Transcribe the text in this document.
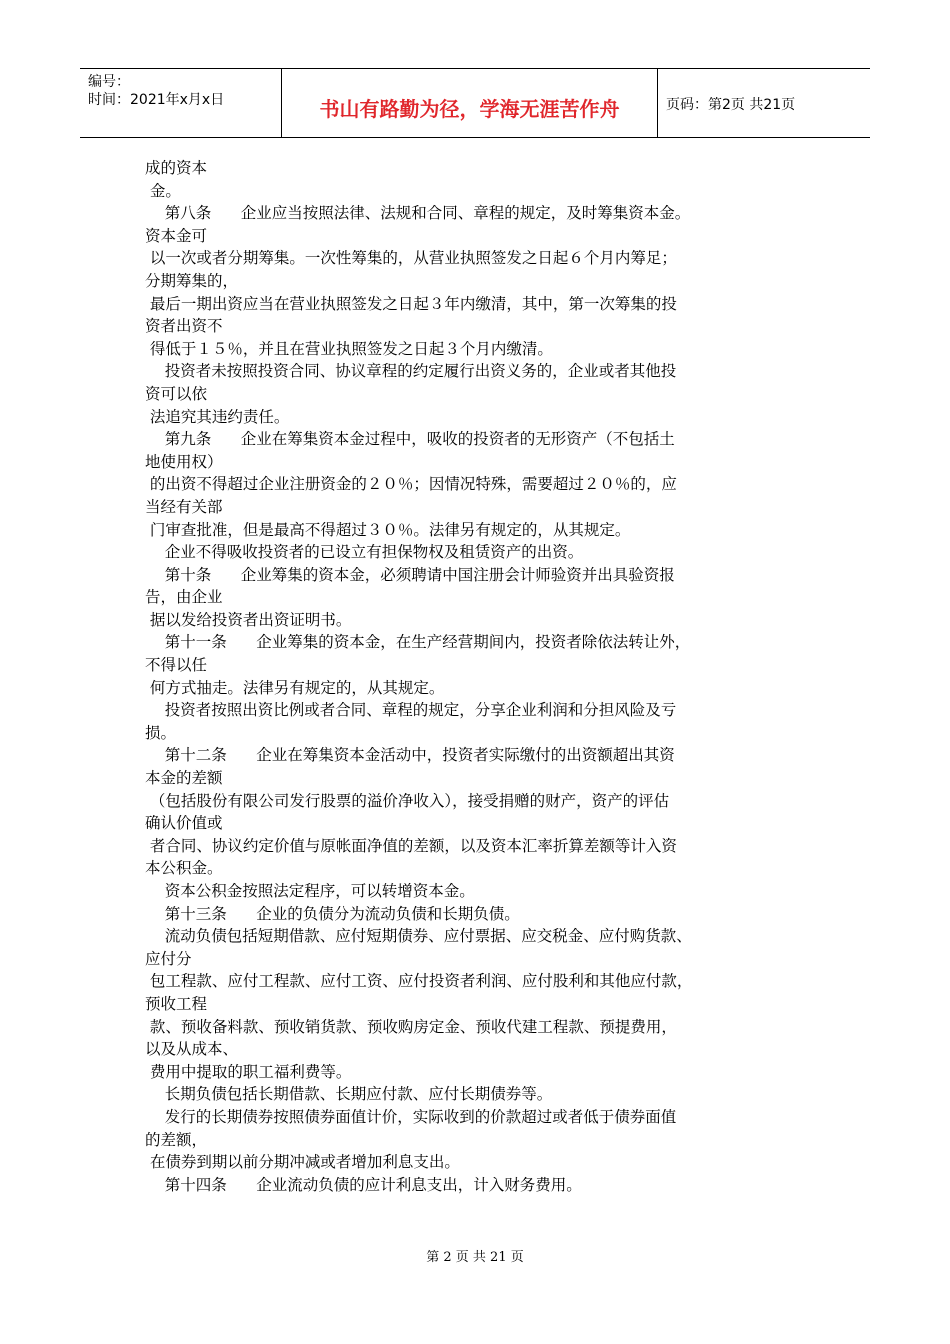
编号：
时间：2021年x月x日	书山有路勤为径，学海无涯苦作舟	页码：第2页 共21页
成的资本
金。
第八条      企业应当按照法律、法规和合同、章程的规定，及时筹集资本金。
资本金可
以一次或者分期筹集。一次性筹集的，从营业执照签发之日起６个月内筹足；
分期筹集的，
最后一期出资应当在营业执照签发之日起３年内缴清，其中，第一次筹集的投
资者出资不
得低于１５％，并且在营业执照签发之日起３个月内缴清。
投资者未按照投资合同、协议章程的约定履行出资义务的，企业或者其他投
资可以依
法追究其违约责任。
第九条      企业在筹集资本金过程中，吸收的投资者的无形资产（不包括土
地使用权）
的出资不得超过企业注册资金的２０％；因情况特殊，需要超过２０％的，应
当经有关部
门审查批准，但是最高不得超过３０％。法律另有规定的，从其规定。
企业不得吸收投资者的已设立有担保物权及租赁资产的出资。
第十条      企业筹集的资本金，必须聘请中国注册会计师验资并出具验资报
告，由企业
据以发给投资者出资证明书。
第十一条      企业筹集的资本金，在生产经营期间内，投资者除依法转让外，
不得以任
何方式抽走。法律另有规定的，从其规定。
投资者按照出资比例或者合同、章程的规定，分享企业利润和分担风险及亏
损。
第十二条      企业在筹集资本金活动中，投资者实际缴付的出资额超出其资
本金的差额
（包括股份有限公司发行股票的溢价净收入），接受捐赠的财产，资产的评估
确认价值或
者合同、协议约定价值与原帐面净值的差额，以及资本汇率折算差额等计入资
本公积金。
资本公积金按照法定程序，可以转增资本金。
第十三条      企业的负债分为流动负债和长期负债。
流动负债包括短期借款、应付短期债券、应付票据、应交税金、应付购货款、
应付分
包工程款、应付工程款、应付工资、应付投资者利润、应付股利和其他应付款，
预收工程
款、预收备料款、预收销货款、预收购房定金、预收代建工程款、预提费用，
以及从成本、
费用中提取的职工福利费等。
长期负债包括长期借款、长期应付款、应付长期债券等。
发行的长期债券按照债券面值计价，实际收到的价款超过或者低于债券面值
的差额，
在债券到期以前分期冲减或者增加利息支出。
第十四条      企业流动负债的应计利息支出，计入财务费用。
第 2 页 共 21 页
